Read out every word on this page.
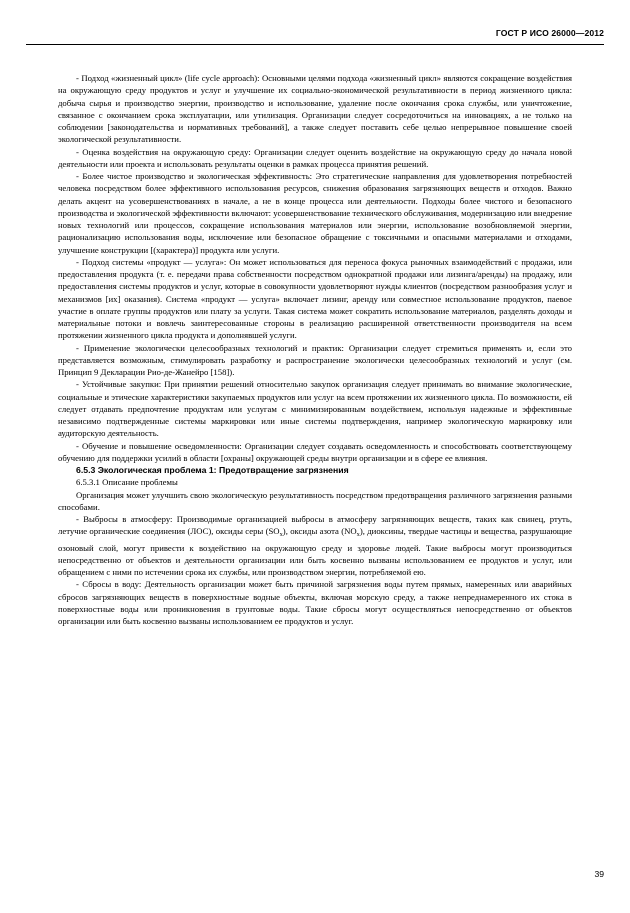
ГОСТ Р ИСО 26000—2012

- Подход «жизненный цикл» (life cycle approach): Основными целями подхода «жизненный цикл» являются сокращение воздействия на окружающую среду продуктов и услуг и улучшение их социально-экономической результативности в период жизненного цикла: добыча сырья и производство энергии, производство и использование, удаление после окончания срока службы, или уничтожение, связанное с окончанием срока эксплуатации, или утилизация. Организации следует сосредоточиться на инновациях, а не только на соблюдении [законодательства и нормативных требований], а также следует поставить себе целью непрерывное повышение своей экологической результативности.

- Оценка воздействия на окружающую среду: Организации следует оценить воздействие на окружающую среду до начала новой деятельности или проекта и использовать результаты оценки в рамках процесса принятия решений.

- Более чистое производство и экологическая эффективность: Это стратегические направления для удовлетворения потребностей человека посредством более эффективного использования ресурсов, снижения образования загрязняющих веществ и отходов. Важно делать акцент на усовершенствованиях в начале, а не в конце процесса или деятельности. Подходы более чистого и безопасного производства и экологической эффективности включают: усовершенствование технического обслуживания, модернизацию или внедрение новых технологий или процессов, сокращение использования материалов или энергии, использование возобновляемой энергии, рационализацию использования воды, исключение или безопасное обращение с токсичными и опасными материалами и отходами, улучшение конструкции [(характера)] продукта или услуги.

- Подход системы «продукт — услуга»: Он может использоваться для переноса фокуса рыночных взаимодействий с продажи, или предоставления продукта (т. е. передачи права собственности посредством однократной продажи или лизинга/аренды) на продажу, или предоставления системы продуктов и услуг, которые в совокупности удовлетворяют нужды клиентов (посредством разнообразия услуг и механизмов [их] оказания). Система «продукт — услуга» включает лизинг, аренду или совместное использование продуктов, паевое участие в оплате группы продуктов или плату за услуги. Такая система может сократить использование материалов, разделять доходы и материальные потоки и вовлечь заинтересованные стороны в реализацию расширенной ответственности производителя на всем протяжении жизненного цикла продукта и дополнявшей услуги.

- Применение экологически целесообразных технологий и практик: Организации следует стремиться применять и, если это представляется возможным, стимулировать разработку и распространение экологически целесообразных технологий и услуг (см. Принцип 9 Декларации Рио-де-Жанейро [158]).

- Устойчивые закупки: При принятии решений относительно закупок организация следует принимать во внимание экологические, социальные и этические характеристики закупаемых продуктов или услуг на всем протяжении их жизненного цикла. По возможности, ей следует отдавать предпочтение продуктам или услугам с минимизированным воздействием, используя надежные и эффективные независимо подтвержденные системы маркировки или иные системы подтверждения, например экологическую маркировку или аудиторскую деятельность.

- Обучение и повышение осведомленности: Организации следует создавать осведомленность и способствовать соответствующему обучению для поддержки усилий в области [охраны] окружающей среды внутри организации и в сфере ее влияния.

6.5.3 Экологическая проблема 1: Предотвращение загрязнения
6.5.3.1 Описание проблемы

Организация может улучшить свою экологическую результативность посредством предотвращения различного загрязнения разными способами.

- Выбросы в атмосферу: Производимые организацией выбросы в атмосферу загрязняющих веществ, таких как свинец, ртуть, летучие органические соединения (ЛОС), оксиды серы $(SO_x)$, оксиды азота $(NO_x)$, диоксины, твердые частицы и вещества, разрушающие озоновый слой, могут привести к воздействию на окружающую среду и здоровье людей. Такие выбросы могут производиться непосредственно от объектов и деятельности организации или быть косвенно вызваны использованием ее продуктов и услуг, или обращением с ними по истечении срока их службы, или производством энергии, потребляемой ею.

- Сбросы в воду: Деятельность организации может быть причиной загрязнения воды путем прямых, намеренных или аварийных сбросов загрязняющих веществ в поверхностные водные объекты, включая морскую среду, а также непреднамеренного их стока в поверхностные воды или проникновения в грунтовые воды. Такие сбросы могут осуществляться непосредственно от объектов организации или быть косвенно вызваны использованием ее продуктов и услуг.

39
